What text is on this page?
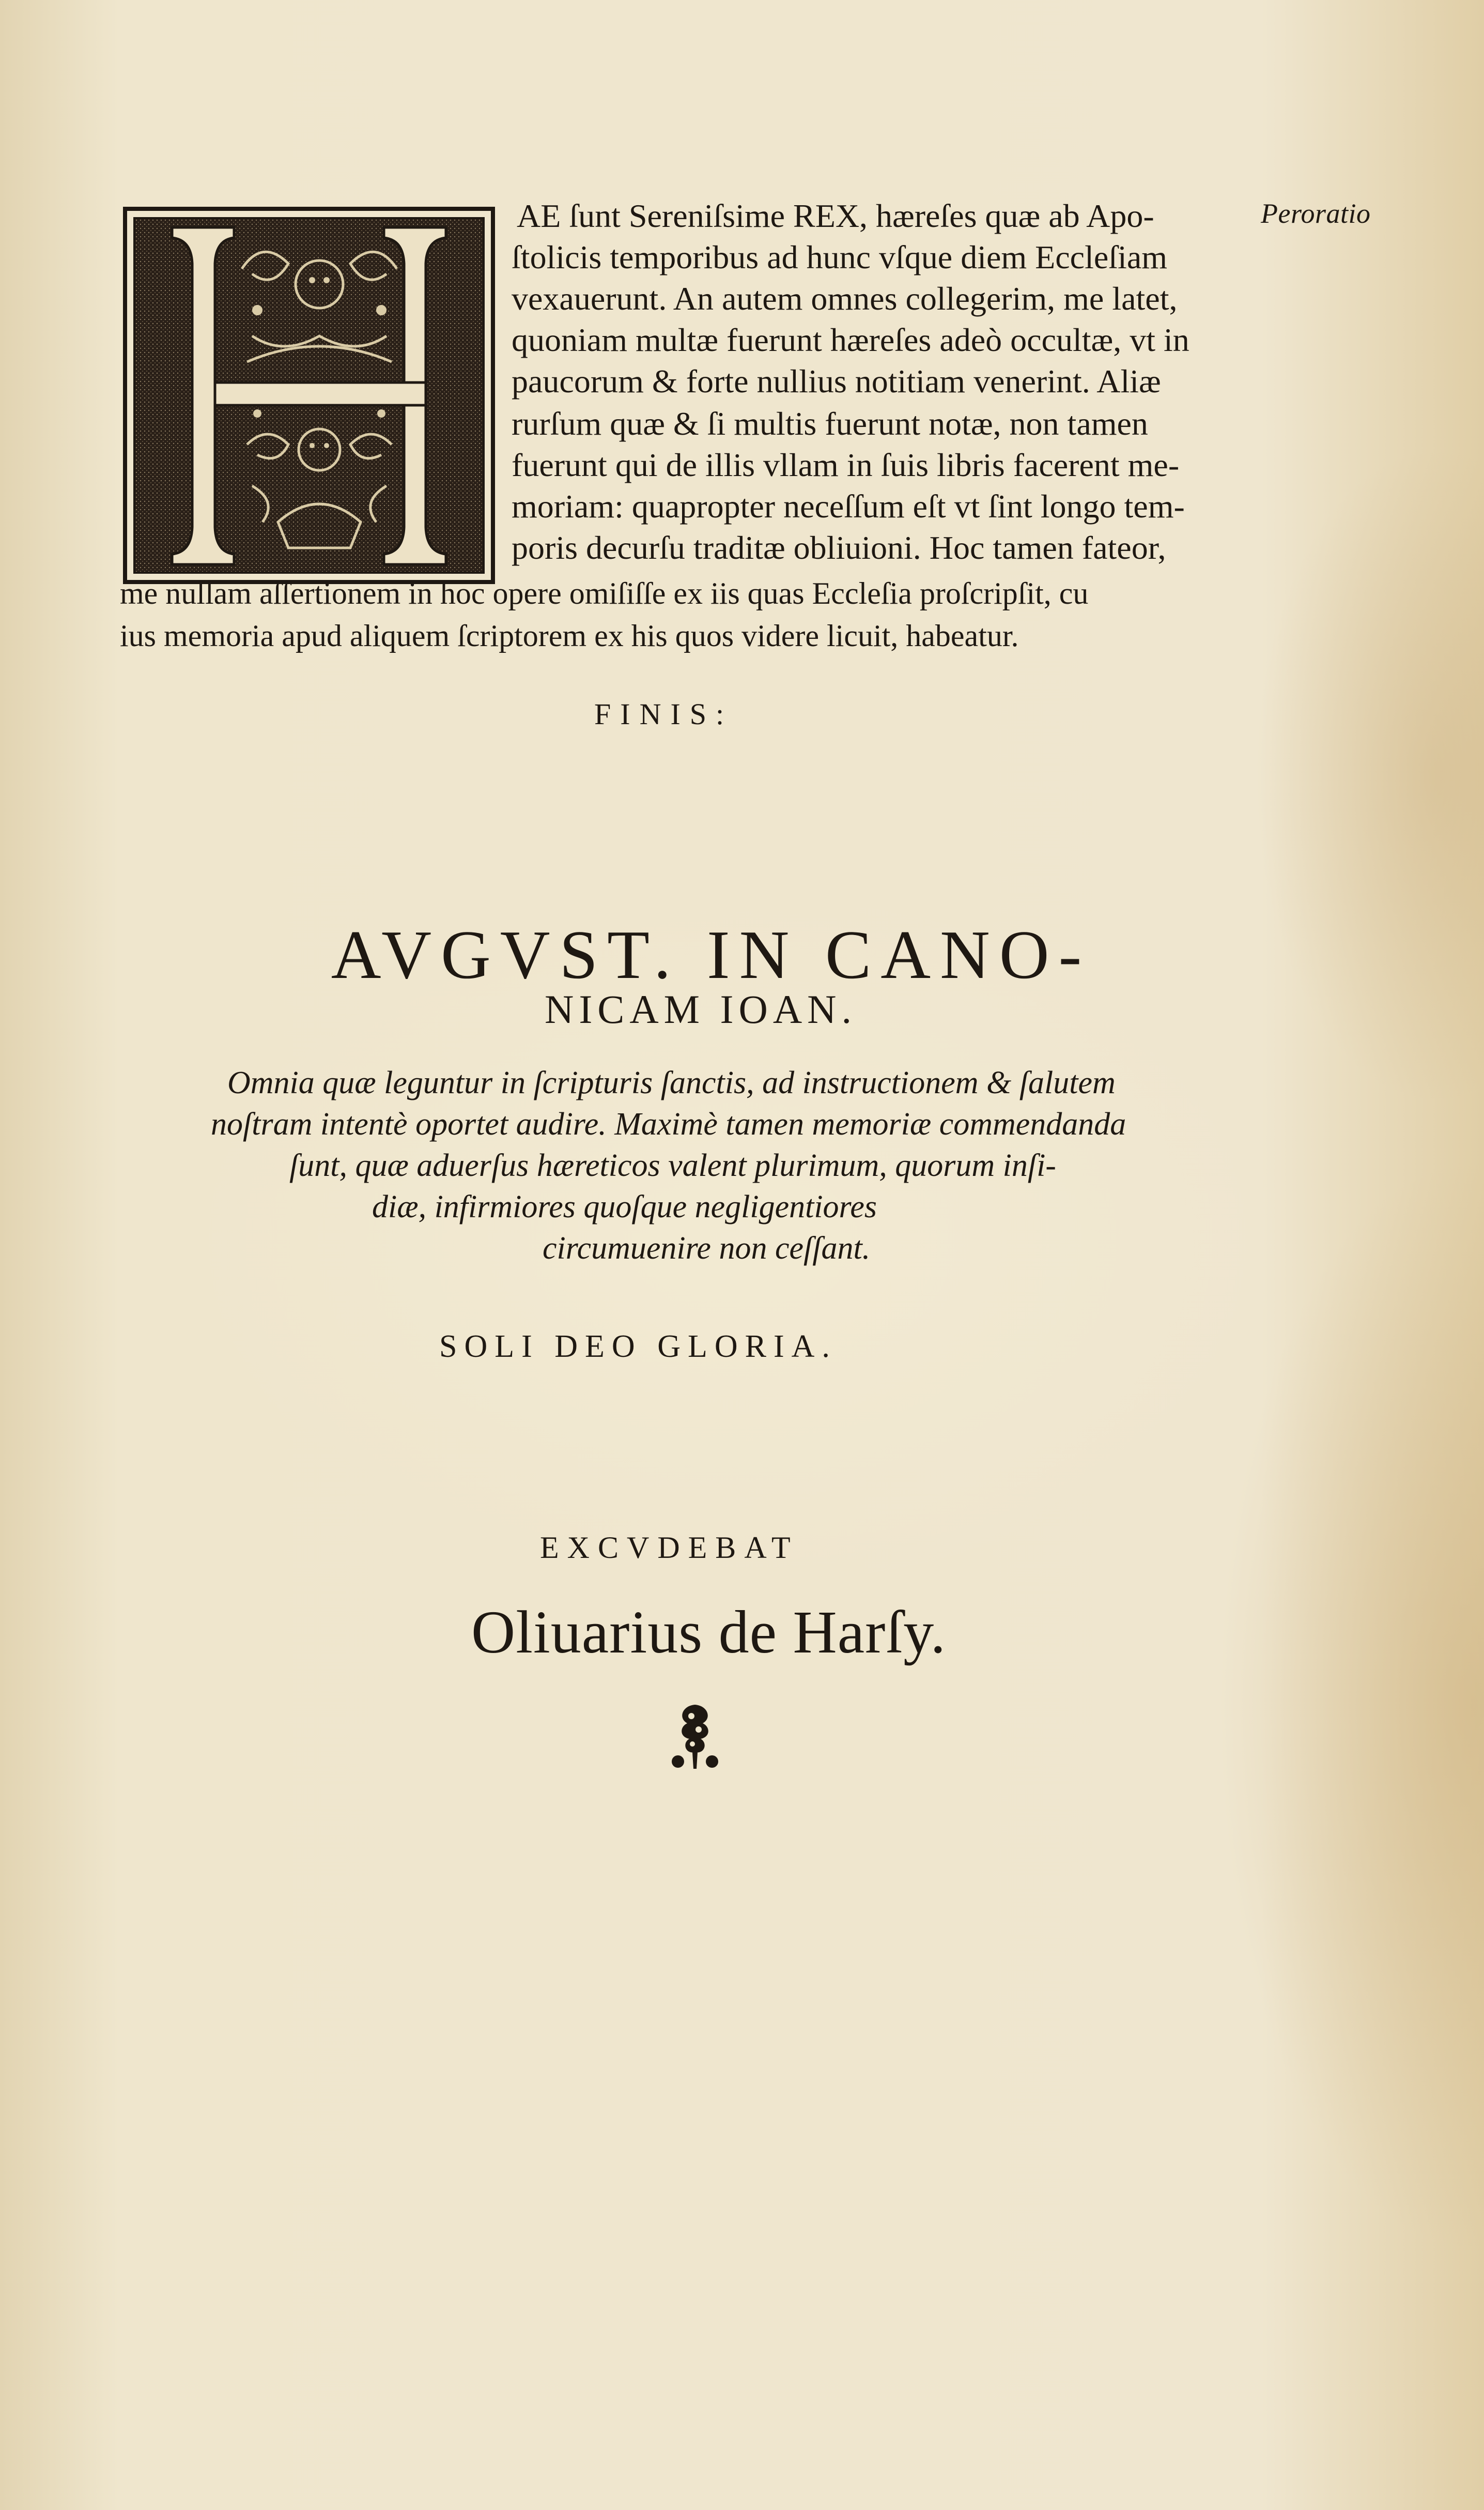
Peroratio
AE ſunt Sereniſsime REX, hæreſes quæ ab Apo-
ſtolicis temporibus ad hunc vſque diem Eccleſiam
vexauerunt. An autem omnes collegerim, me latet,
quoniam multæ fuerunt hæreſes adeò occultæ, vt in
paucorum & forte nullius notitiam venerint. Aliæ
rurſum quæ & ſi multis fuerunt notæ, non tamen
fuerunt qui de illis vllam in ſuis libris facerent me-
moriam: quapropter neceſſum eſt vt ſint longo tem-
poris decurſu traditæ obliuioni. Hoc tamen fateor,
me nullam aſſertionem in hoc opere omiſiſſe ex iis quas Eccleſia proſcripſit, cu
ius memoria apud aliquem ſcriptorem ex his quos videre licuit, habeatur.
FINIS:
AVGVST. IN CANO-
NICAM IOAN.
Omnia quæ leguntur in ſcripturis ſanctis, ad instructionem & ſalutem
noſtram intentè oportet audire. Maximè tamen memoriæ commendanda
ſunt, quæ aduerſus hæreticos valent plurimum, quorum inſi-
diæ, infirmiores quoſque negligentiores
circumuenire non ceſſant.
SOLI DEO GLORIA.
EXCVDEBAT
Oliuarius de Harſy.
